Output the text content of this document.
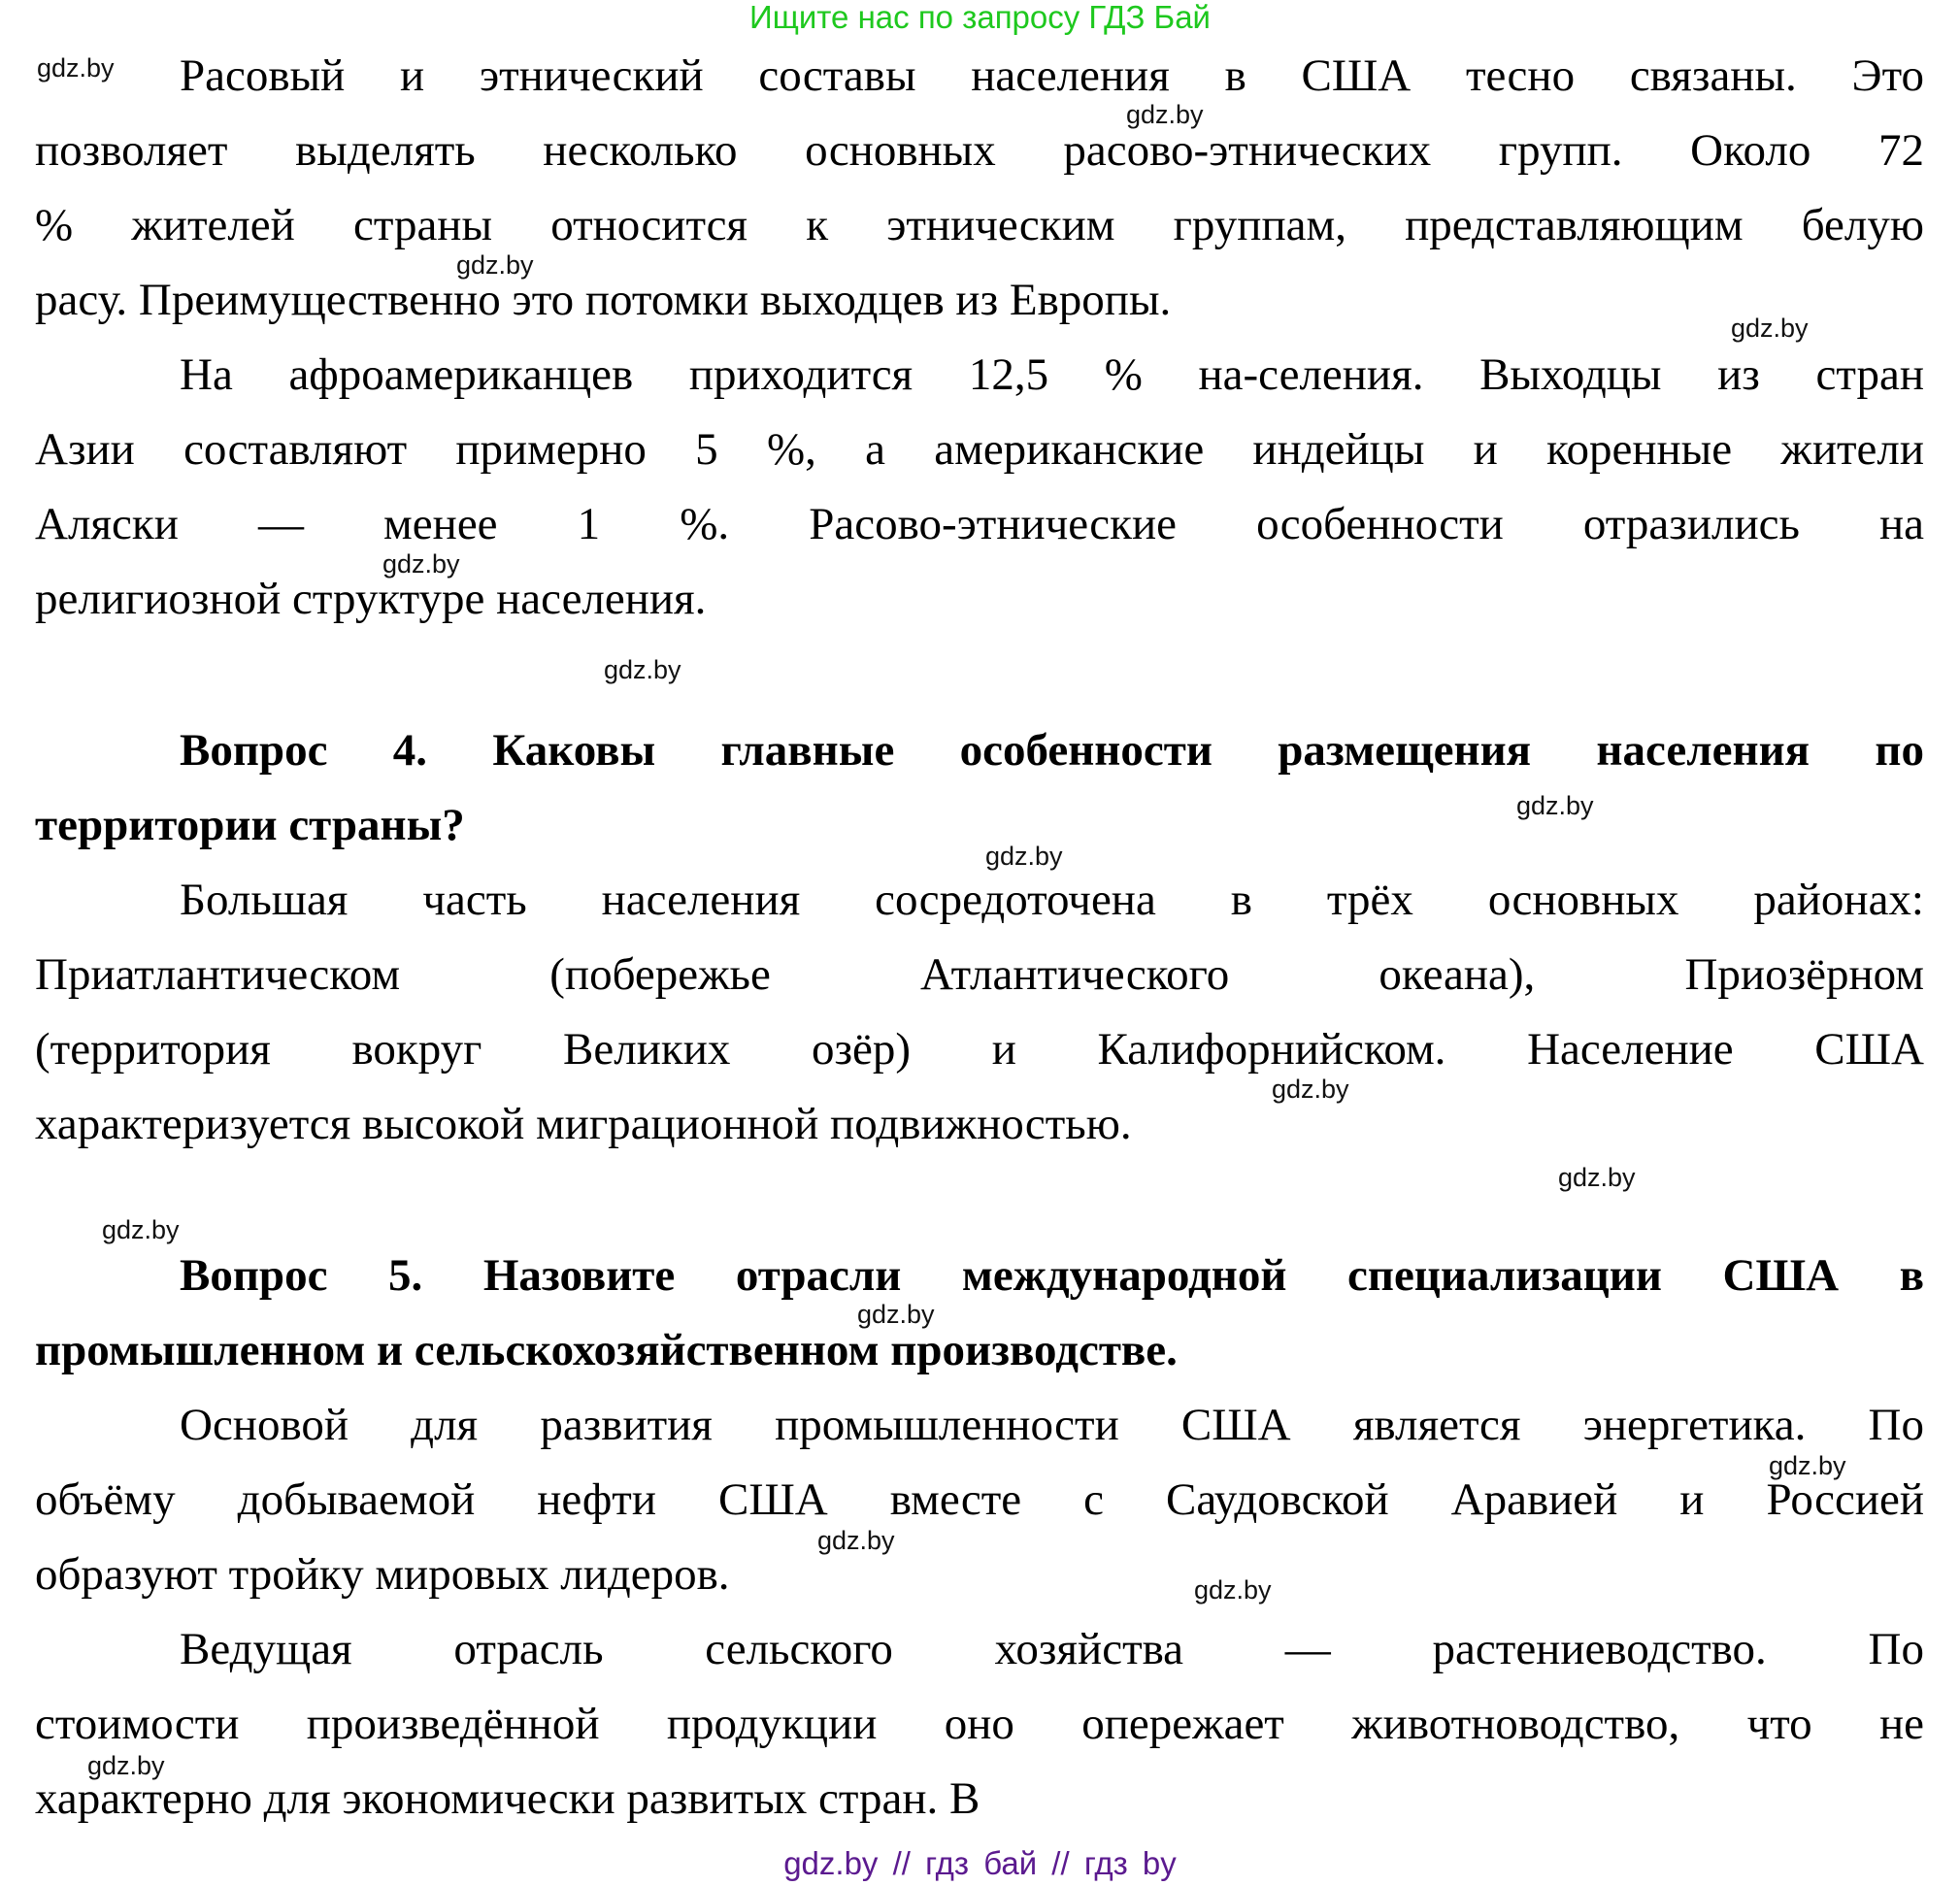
Ищите нас по запросу ГДЗ Бай
Расовый и этнический составы населения в США тесно связаны. Это
позволяет выделять несколько основных расово-этнических групп. Около 72
% жителей страны относится к этническим группам, представляющим белую
расу. Преимущественно это потомки выходцев из Европы.
На афроамериканцев приходится 12,5 % на-селения. Выходцы из стран
Азии составляют примерно 5 %, а американские индейцы и коренные жители
Аляски — менее 1 %. Расово-этнические особенности отразились на
религиозной структуре населения.
Вопрос 4. Каковы главные особенности размещения населения по
территории страны?
Большая часть населения сосредоточена в трёх основных районах:
Приатлантическом (побережье Атлантического океана), Приозёрном
(территория вокруг Великих озёр) и Калифорнийском. Население США
характеризуется высокой миграционной подвижностью.
Вопрос 5. Назовите отрасли международной специализации США в
промышленном и сельскохозяйственном производстве.
Основой для развития промышленности США является энергетика. По
объёму добываемой нефти США вместе с Саудовской Аравией и Россией
образуют тройку мировых лидеров.
Ведущая отрасль сельского хозяйства — растениеводство. По
стоимости произведённой продукции оно опережает животноводство, что не
характерно для экономически развитых стран. В
gdz.by
gdz.by
gdz.by
gdz.by
gdz.by
gdz.by
gdz.by
gdz.by
gdz.by
gdz.by
gdz.by
gdz.by
gdz.by
gdz.by
gdz.by
gdz.by
gdz.by // гдз бай // гдз by
